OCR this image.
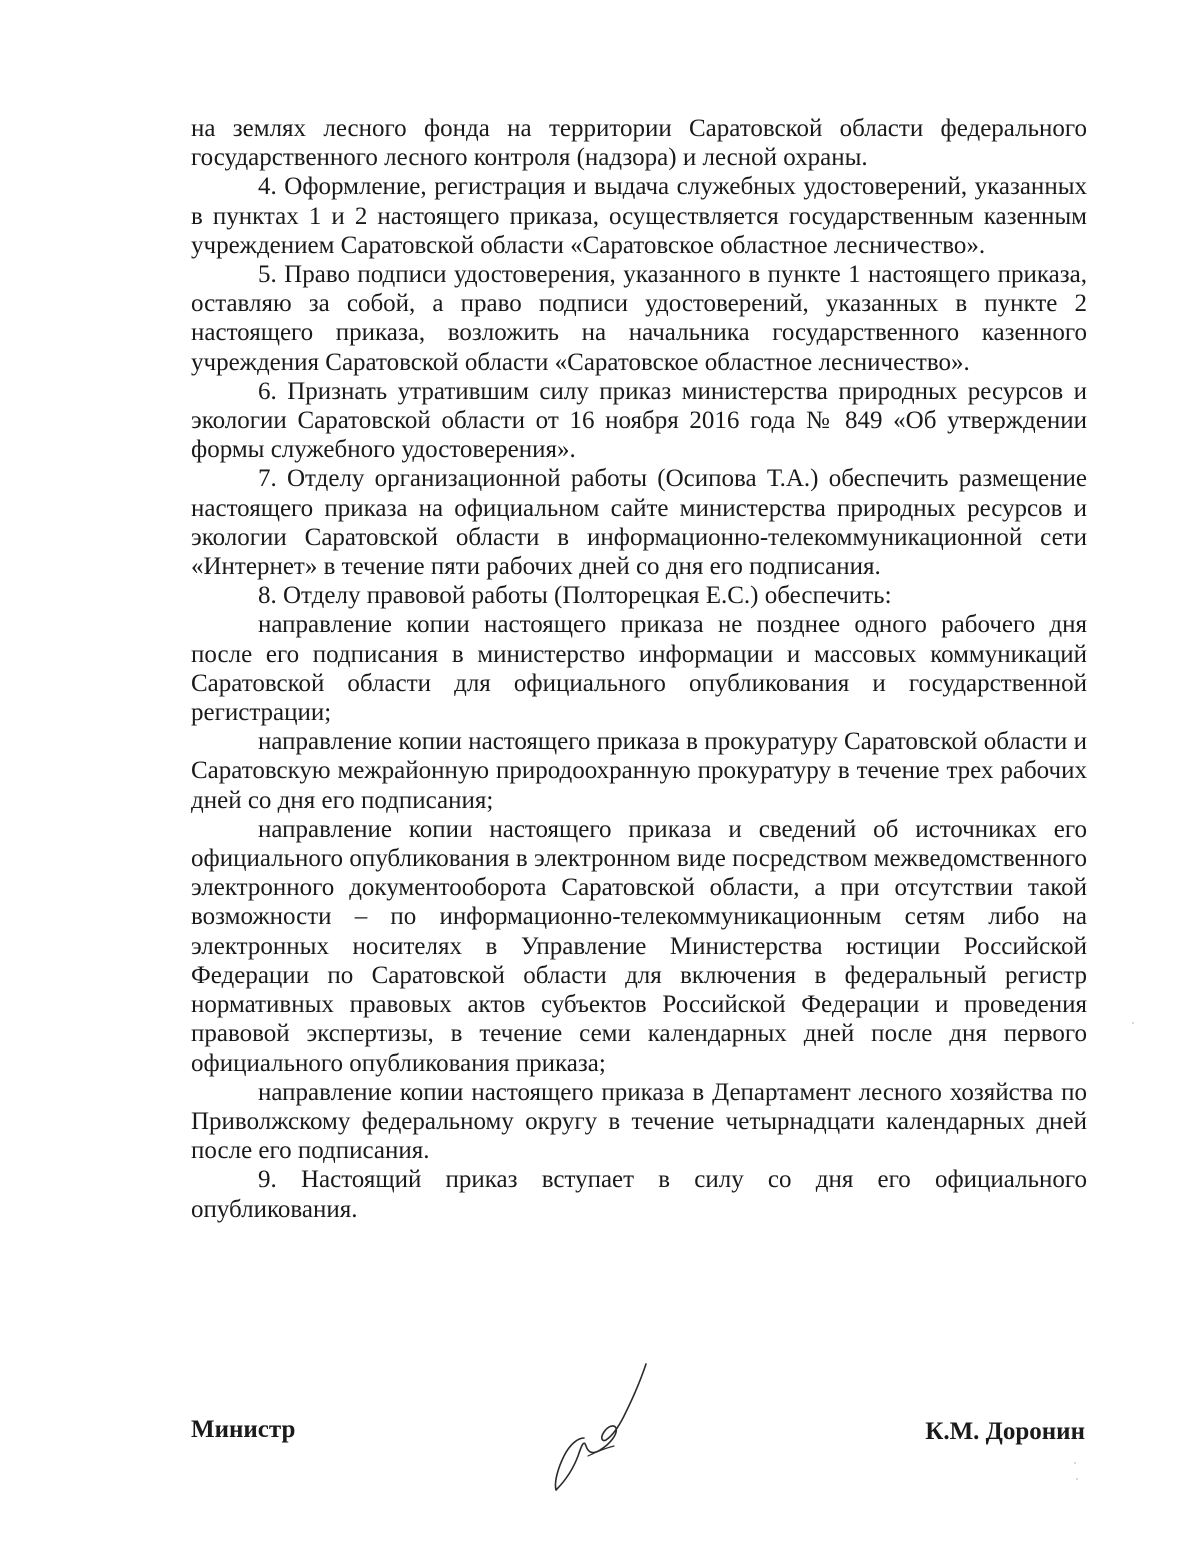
на землях лесного фонда на территории Саратовской области федерального государственного лесного контроля (надзора) и лесной охраны.

4. Оформление, регистрация и выдача служебных удостоверений, указанных в пунктах 1 и 2 настоящего приказа, осуществляется государственным казенным учреждением Саратовской области «Саратовское областное лесничество».

5. Право подписи удостоверения, указанного в пункте 1 настоящего приказа, оставляю за собой, а право подписи удостоверений, указанных в пункте 2 настоящего приказа, возложить на начальника государственного казенного учреждения Саратовской области «Саратовское областное лесничество».

6. Признать утратившим силу приказ министерства природных ресурсов и экологии Саратовской области от 16 ноября 2016 года № 849 «Об утверждении формы служебного удостоверения».

7. Отделу организационной работы (Осипова Т.А.) обеспечить размещение настоящего приказа на официальном сайте министерства природных ресурсов и экологии Саратовской области в информационно-телекоммуникационной сети «Интернет» в течение пяти рабочих дней со дня его подписания.

8. Отделу правовой работы (Полторецкая Е.С.) обеспечить:

направление копии настоящего приказа не позднее одного рабочего дня после его подписания в министерство информации и массовых коммуникаций Саратовской области для официального опубликования и государственной регистрации;

направление копии настоящего приказа в прокуратуру Саратовской области и Саратовскую межрайонную природоохранную прокуратуру в течение трех рабочих дней со дня его подписания;

направление копии настоящего приказа и сведений об источниках его официального опубликования в электронном виде посредством межведомственного электронного документооборота Саратовской области, а при отсутствии такой возможности – по информационно-телекоммуникационным сетям либо на электронных носителях в Управление Министерства юстиции Российской Федерации по Саратовской области для включения в федеральный регистр нормативных правовых актов субъектов Российской Федерации и проведения правовой экспертизы, в течение семи календарных дней после дня первого официального опубликования приказа;

направление копии настоящего приказа в Департамент лесного хозяйства по Приволжскому федеральному округу в течение четырнадцати календарных дней после его подписания.

9. Настоящий приказ вступает в силу со дня его официального опубликования.

Министр	К.М. Доронин
